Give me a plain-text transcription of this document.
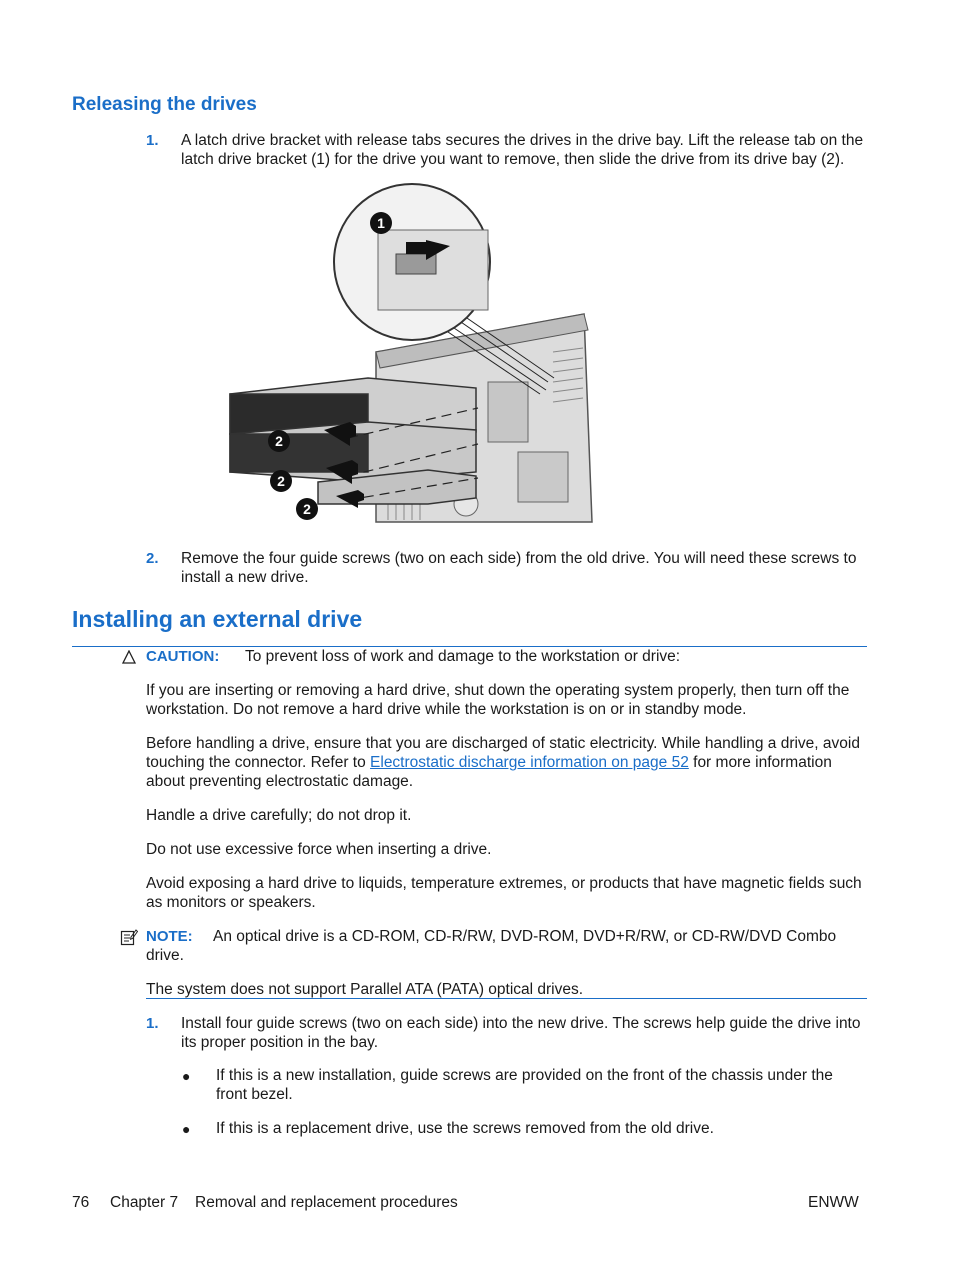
Releasing the drives
1. A latch drive bracket with release tabs secures the drives in the drive bay. Lift the release tab on the latch drive bracket (1) for the drive you want to remove, then slide the drive from its drive bay (2).
1
2
2
2
2. Remove the four guide screws (two on each side) from the old drive. You will need these screws to install a new drive.
Installing an external drive
CAUTION: To prevent loss of work and damage to the workstation or drive:
If you are inserting or removing a hard drive, shut down the operating system properly, then turn off the workstation. Do not remove a hard drive while the workstation is on or in standby mode.
Before handling a drive, ensure that you are discharged of static electricity. While handling a drive, avoid touching the connector. Refer to Electrostatic discharge information on page 52 for more information about preventing electrostatic damage.
Handle a drive carefully; do not drop it.
Do not use excessive force when inserting a drive.
Avoid exposing a hard drive to liquids, temperature extremes, or products that have magnetic fields such as monitors or speakers.
NOTE:	An optical drive is a CD-ROM, CD-R/RW, DVD-ROM, DVD+R/RW, or CD-RW/DVD Combo drive.
The system does not support Parallel ATA (PATA) optical drives.
1. Install four guide screws (two on each side) into the new drive. The screws help guide the drive into its proper position in the bay.
● If this is a new installation, guide screws are provided on the front of the chassis under the front bezel.
● If this is a replacement drive, use the screws removed from the old drive.
76 Chapter 7 Removal and replacement procedures	ENWW
